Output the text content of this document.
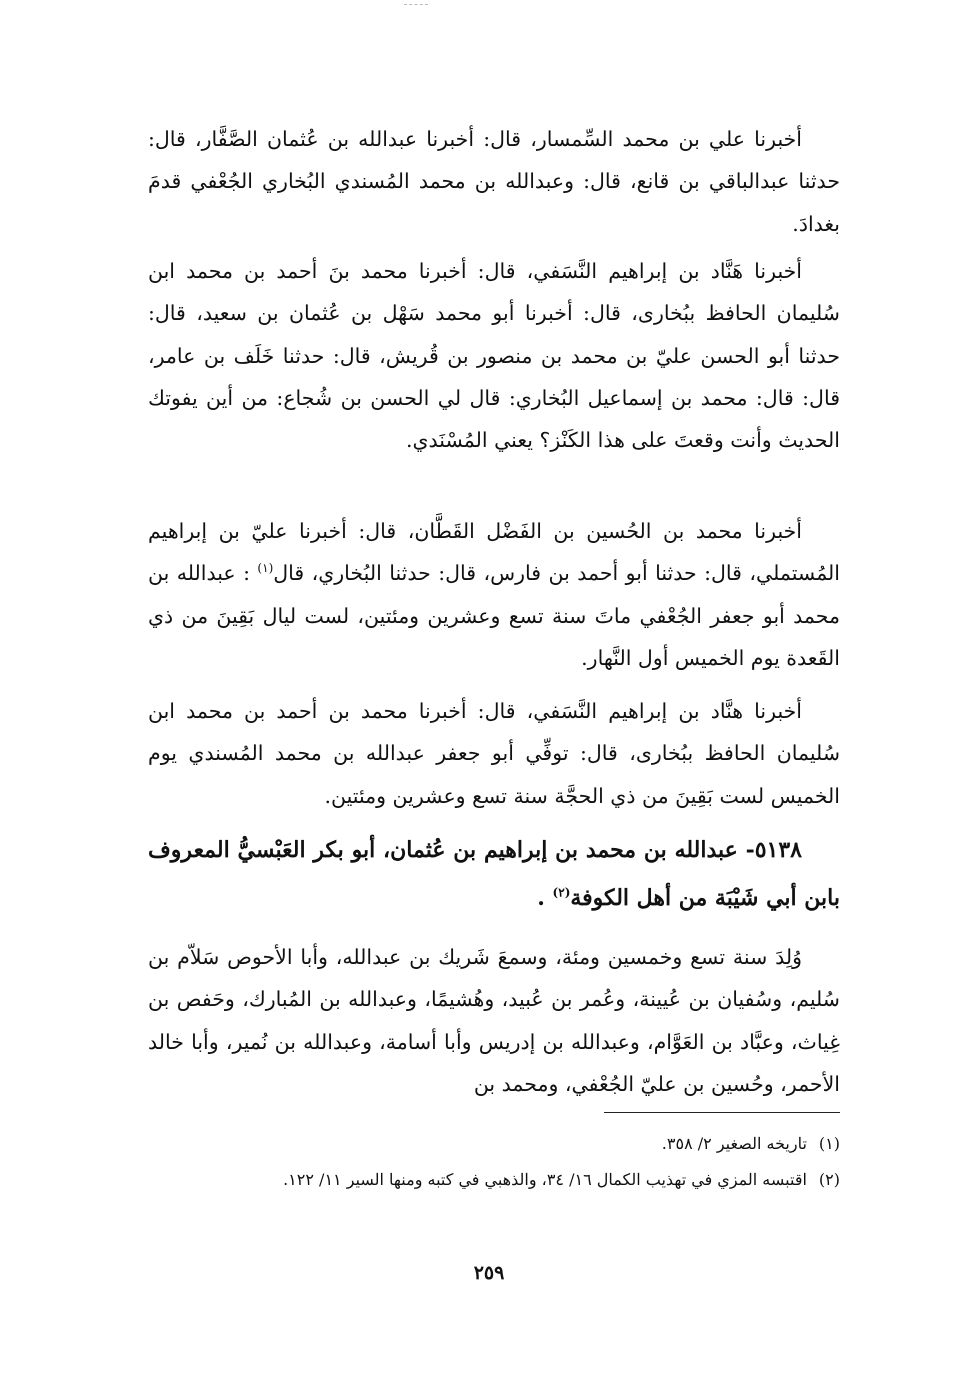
أخبرنا علي بن محمد السِّمسار، قال: أخبرنا عبدالله بن عُثمان الصَّفَّار، قال: حدثنا عبدالباقي بن قانع، قال: وعبدالله بن محمد المُسندي البُخاري الجُعْفي قدمَ بغدادَ.

أخبرنا هَنَّاد بن إبراهيم النَّسَفي، قال: أخبرنا محمد بنَ أحمد بن محمد ابن سُليمان الحافظ ببُخارى، قال: أخبرنا أبو محمد سَهْل بن عُثمان بن سعيد، قال: حدثنا أبو الحسن عليّ بن محمد بن منصور بن قُريش، قال: حدثنا خَلَف بن عامر، قال: قال: محمد بن إسماعيل البُخاري: قال لي الحسن بن شُجاع: من أين يفوتك الحديث وأنت وقعتَ على هذا الكَنْز؟ يعني المُسْنَدي.

أخبرنا محمد بن الحُسين بن الفَضْل القَطَّان، قال: أخبرنا عليّ بن إبراهيم المُستملي، قال: حدثنا أبو أحمد بن فارس، قال: حدثنا البُخاري، قال$^{(١)}$ : عبدالله بن محمد أبو جعفر الجُعْفي ماتَ سنة تسع وعشرين ومئتين، لست ليال بَقِينَ من ذي القَعدة يوم الخميس أول النَّهار.

أخبرنا هنَّاد بن إبراهيم النَّسَفي، قال: أخبرنا محمد بن أحمد بن محمد ابن سُليمان الحافظ ببُخارى، قال: توفِّي أبو جعفر عبدالله بن محمد المُسندي يوم الخميس لست بَقِينَ من ذي الحجَّة سنة تسع وعشرين ومئتين.

٥١٣٨- عبدالله بن محمد بن إبراهيم بن عُثمان، أبو بكر العَبْسيُّ المعروف بابن أبي شَيْبَة من أهل الكوفة$^{(٢)}$ .

وُلِدَ سنة تسع وخمسين ومئة، وسمعَ شَريك بن عبدالله، وأبا الأحوص سَلاّم بن سُليم، وسُفيان بن عُيينة، وعُمر بن عُبيد، وهُشيمًا، وعبدالله بن المُبارك، وحَفص بن غِياث، وعبَّاد بن العَوَّام، وعبدالله بن إدريس وأبا أسامة، وعبدالله بن نُمير، وأبا خالد الأحمر، وحُسين بن عليّ الجُعْفي، ومحمد بن

(١)تاريخه الصغير ٢/ ٣٥٨.

(٢)اقتبسه المزي في تهذيب الكمال ١٦/ ٣٤، والذهبي في كتبه ومنها السير ١١/ ١٢٢.

٢٥٩
